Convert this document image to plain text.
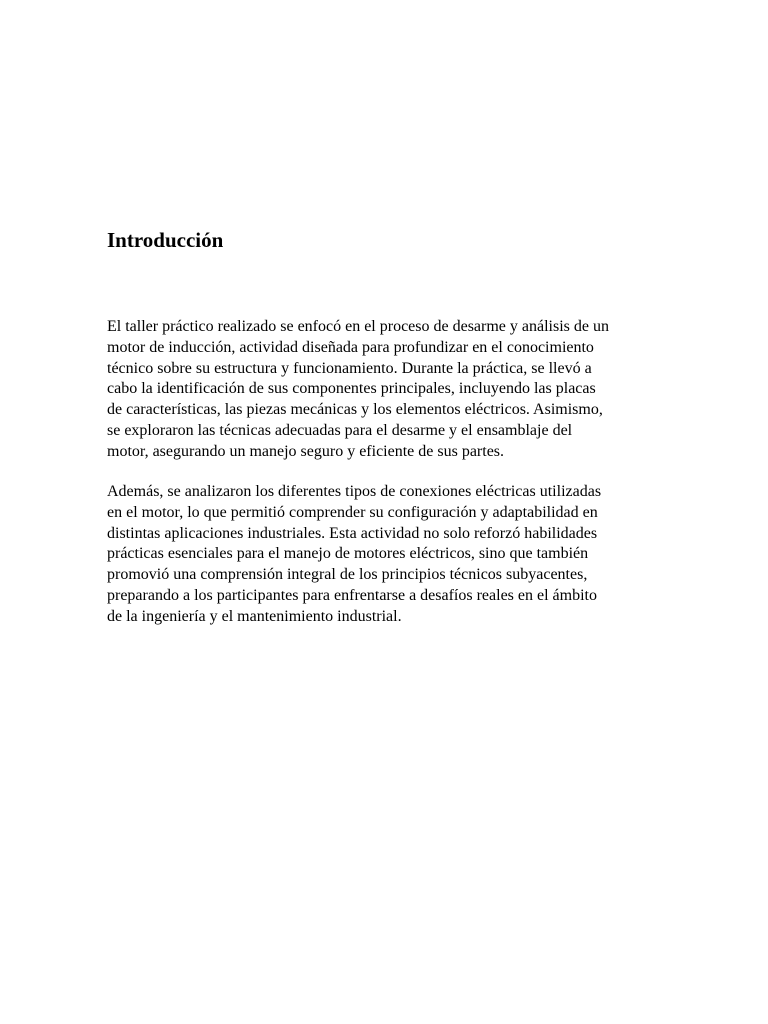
Introducción

El taller práctico realizado se enfocó en el proceso de desarme y análisis de un
motor de inducción, actividad diseñada para profundizar en el conocimiento
técnico sobre su estructura y funcionamiento. Durante la práctica, se llevó a
cabo la identificación de sus componentes principales, incluyendo las placas
de características, las piezas mecánicas y los elementos eléctricos. Asimismo,
se exploraron las técnicas adecuadas para el desarme y el ensamblaje del
motor, asegurando un manejo seguro y eficiente de sus partes.

Además, se analizaron los diferentes tipos de conexiones eléctricas utilizadas
en el motor, lo que permitió comprender su configuración y adaptabilidad en
distintas aplicaciones industriales. Esta actividad no solo reforzó habilidades
prácticas esenciales para el manejo de motores eléctricos, sino que también
promovió una comprensión integral de los principios técnicos subyacentes,
preparando a los participantes para enfrentarse a desafíos reales en el ámbito
de la ingeniería y el mantenimiento industrial.
